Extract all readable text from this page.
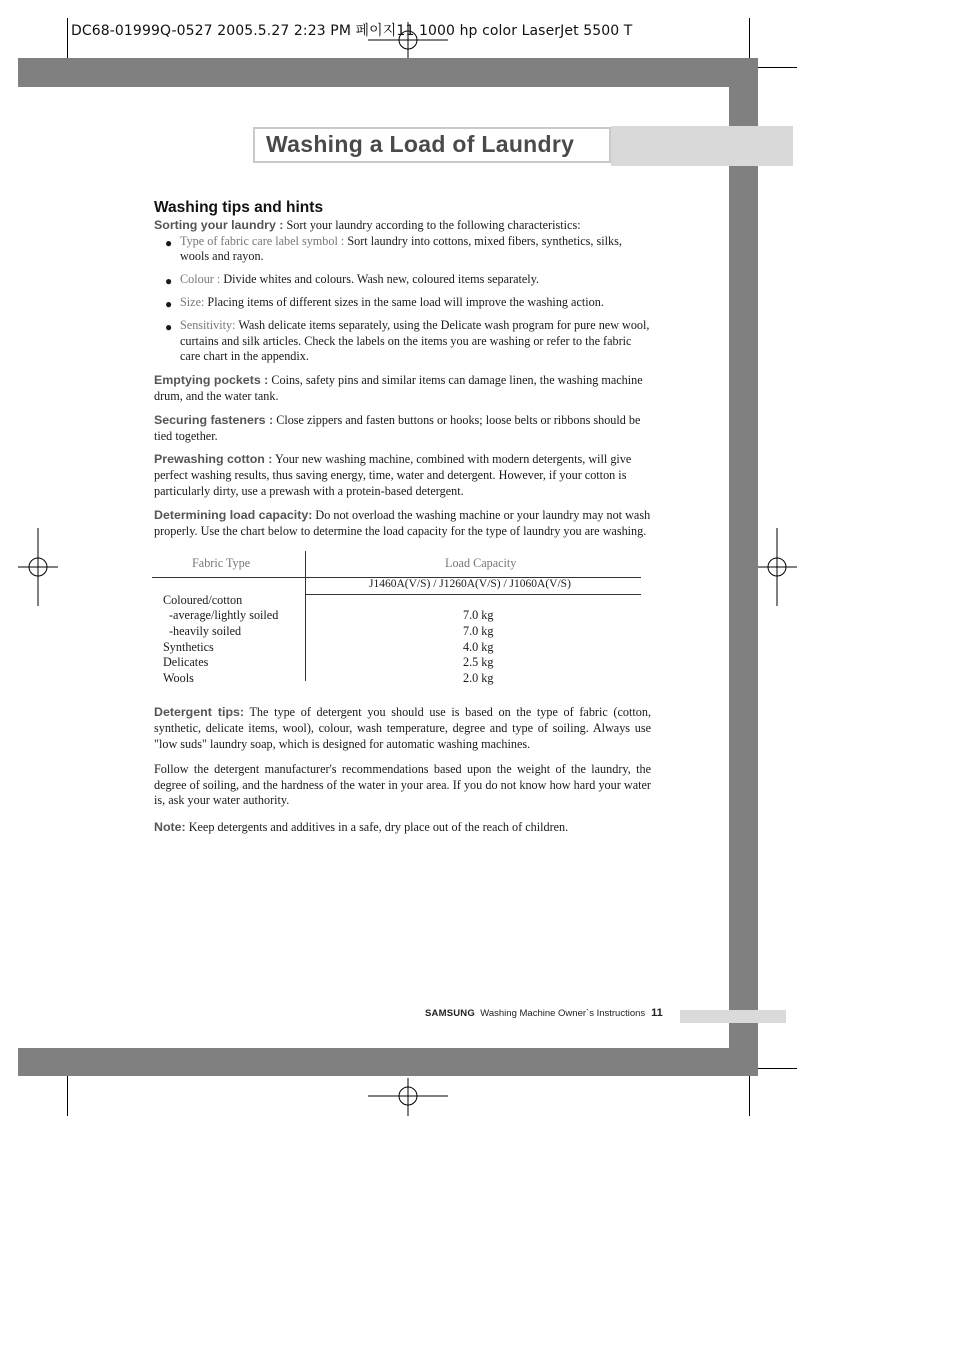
DC68-01999Q-0527 2005.5.27 2:23 PM 페이지11 1000 hp color LaserJet 5500 T
Washing a Load of Laundry
Washing tips and hints

Sorting your laundry : Sort your laundry according to the following characteristics:

● Type of fabric care label symbol : Sort laundry into cottons, mixed fibers, synthetics, silks, wools and rayon.
● Colour : Divide whites and colours. Wash new, coloured items separately.
● Size: Placing items of different sizes in the same load will improve the washing action.
● Sensitivity: Wash delicate items separately, using the Delicate wash program for pure new wool, curtains and silk articles. Check the labels on the items you are washing or refer to the fabric care chart in the appendix.

Emptying pockets : Coins, safety pins and similar items can damage linen, the washing machine drum, and the water tank.

Securing fasteners : Close zippers and fasten buttons or hooks; loose belts or ribbons should be tied together.

Prewashing cotton : Your new washing machine, combined with modern detergents, will give perfect washing results, thus saving energy, time, water and detergent. However, if your cotton is particularly dirty, use a prewash with a protein-based detergent.

Determining load capacity: Do not overload the washing machine or your laundry may not wash properly. Use the chart below to determine the load capacity for the type of laundry you are washing.

Fabric Type	Load Capacity
J1460A(V/S) / J1260A(V/S) / J1060A(V/S)
Coloured/cotton
-average/lightly soiled	7.0 kg
-heavily soiled	7.0 kg
Synthetics	4.0 kg
Delicates	2.5 kg
Wools	2.0 kg

Detergent tips: The type of detergent you should use is based on the type of fabric (cotton, synthetic, delicate items, wool), colour, wash temperature, degree and type of soiling. Always use "low suds" laundry soap, which is designed for automatic washing machines.

Follow the detergent manufacturer's recommendations based upon the weight of the laundry, the degree of soiling, and the hardness of the water in your area. If you do not know how hard your water is, ask your water authority.

Note: Keep detergents and additives in a safe, dry place out of the reach of children.

SAMSUNG Washing Machine Owner`s Instructions 11
